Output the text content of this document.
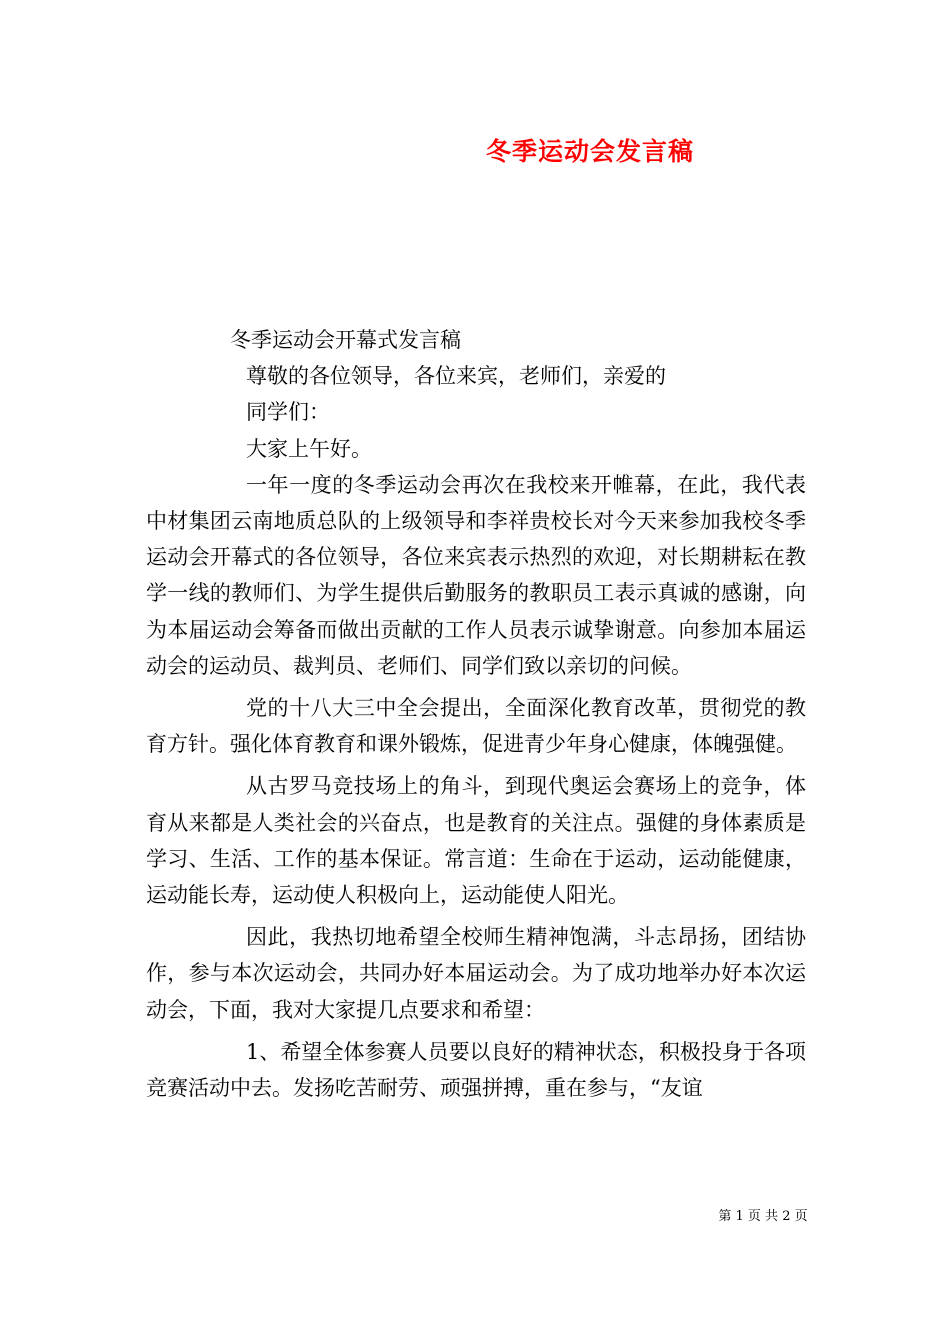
冬季运动会发言稿

冬季运动会开幕式发言稿

尊敬的各位领导，各位来宾，老师们，亲爱的

同学们：

大家上午好。

一年一度的冬季运动会再次在我校来开帷幕，在此，我代表中材集团云南地质总队的上级领导和李祥贵校长对今天来参加我校冬季运动会开幕式的各位领导，各位来宾表示热烈的欢迎，对长期耕耘在教学一线的教师们、为学生提供后勤服务的教职员工表示真诚的感谢，向为本届运动会筹备而做出贡献的工作人员表示诚挚谢意。向参加本届运动会的运动员、裁判员、老师们、同学们致以亲切的问候。

党的十八大三中全会提出，全面深化教育改革，贯彻党的教育方针。强化体育教育和课外锻炼，促进青少年身心健康，体魄强健。

从古罗马竞技场上的角斗，到现代奥运会赛场上的竞争，体育从来都是人类社会的兴奋点，也是教育的关注点。强健的身体素质是学习、生活、工作的基本保证。常言道：生命在于运动，运动能健康，运动能长寿，运动使人积极向上，运动能使人阳光。

因此，我热切地希望全校师生精神饱满，斗志昂扬，团结协作，参与本次运动会，共同办好本届运动会。为了成功地举办好本次运动会，下面，我对大家提几点要求和希望：

1、希望全体参赛人员要以良好的精神状态，积极投身于各项竞赛活动中去。发扬吃苦耐劳、顽强拼搏，重在参与，“友谊

第 1 页 共 2 页
